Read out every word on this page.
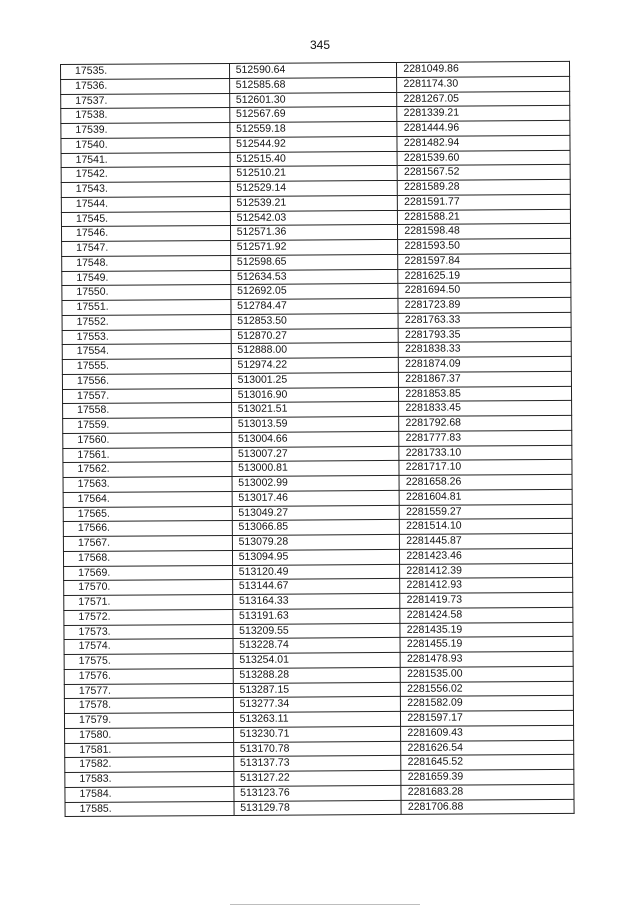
345
17535.	512590.64	2281049.86
17536.	512585.68	2281174.30
17537.	512601.30	2281267.05
17538.	512567.69	2281339.21
17539.	512559.18	2281444.96
17540.	512544.92	2281482.94
17541.	512515.40	2281539.60
17542.	512510.21	2281567.52
17543.	512529.14	2281589.28
17544.	512539.21	2281591.77
17545.	512542.03	2281588.21
17546.	512571.36	2281598.48
17547.	512571.92	2281593.50
17548.	512598.65	2281597.84
17549.	512634.53	2281625.19
17550.	512692.05	2281694.50
17551.	512784.47	2281723.89
17552.	512853.50	2281763.33
17553.	512870.27	2281793.35
17554.	512888.00	2281838.33
17555.	512974.22	2281874.09
17556.	513001.25	2281867.37
17557.	513016.90	2281853.85
17558.	513021.51	2281833.45
17559.	513013.59	2281792.68
17560.	513004.66	2281777.83
17561.	513007.27	2281733.10
17562.	513000.81	2281717.10
17563.	513002.99	2281658.26
17564.	513017.46	2281604.81
17565.	513049.27	2281559.27
17566.	513066.85	2281514.10
17567.	513079.28	2281445.87
17568.	513094.95	2281423.46
17569.	513120.49	2281412.39
17570.	513144.67	2281412.93
17571.	513164.33	2281419.73
17572.	513191.63	2281424.58
17573.	513209.55	2281435.19
17574.	513228.74	2281455.19
17575.	513254.01	2281478.93
17576.	513288.28	2281535.00
17577.	513287.15	2281556.02
17578.	513277.34	2281582.09
17579.	513263.11	2281597.17
17580.	513230.71	2281609.43
17581.	513170.78	2281626.54
17582.	513137.73	2281645.52
17583.	513127.22	2281659.39
17584.	513123.76	2281683.28
17585.	513129.78	2281706.88
